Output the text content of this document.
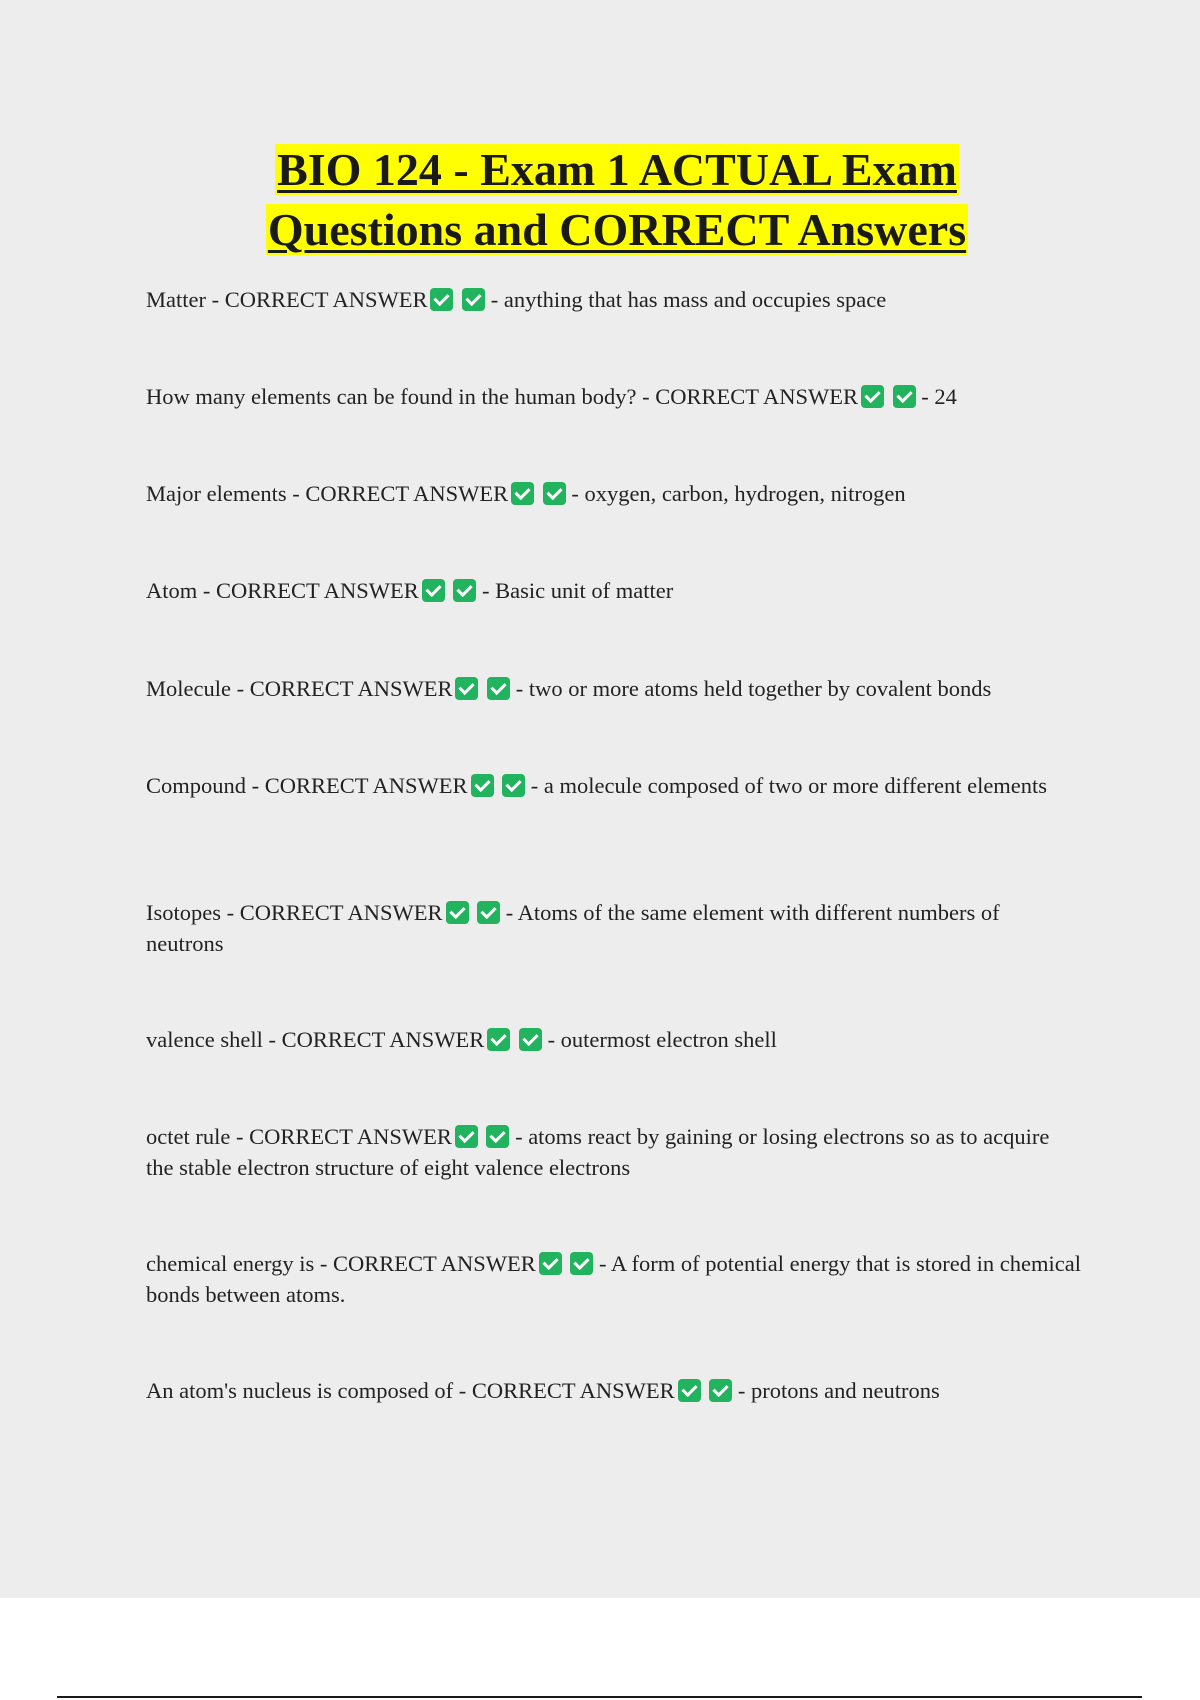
BIO 124 - Exam 1 ACTUAL Exam
Questions and CORRECT Answers
Matter - CORRECT ANSWER	- anything that has mass and occupies space
How many elements can be found in the human body? - CORRECT ANSWER	- 24
Major elements - CORRECT ANSWER	- oxygen, carbon, hydrogen, nitrogen
Atom - CORRECT ANSWER	- Basic unit of matter
Molecule - CORRECT ANSWER	- two or more atoms held together by covalent bonds
Compound - CORRECT ANSWER	- a molecule composed of two or more different elements
Isotopes - CORRECT ANSWER	- Atoms of the same element with different numbers of neutrons
valence shell - CORRECT ANSWER	- outermost electron shell
octet rule - CORRECT ANSWER	- atoms react by gaining or losing electrons so as to acquire the stable electron structure of eight valence electrons
chemical energy is - CORRECT ANSWER	- A form of potential energy that is stored in chemical bonds between atoms.
An atom's nucleus is composed of - CORRECT ANSWER	- protons and neutrons
